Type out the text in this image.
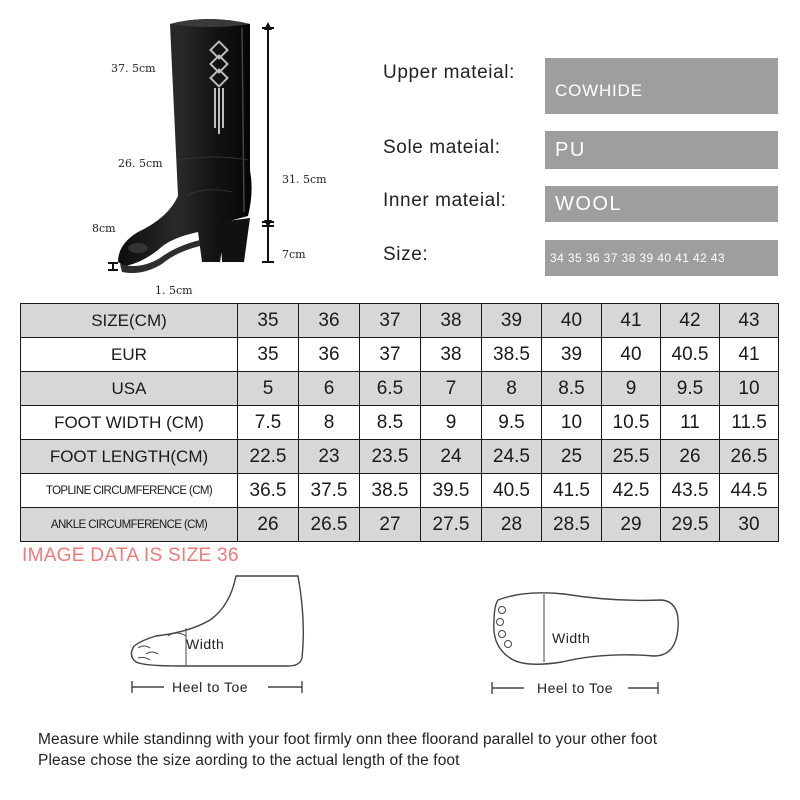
37. 5cm
26. 5cm
31. 5cm
8cm
7cm
1. 5cm
Upper mateial:
COWHIDE
Sole mateial:	PU
Inner mateial: WOOL
Size:	34 35 36 37 38 39 40 41 42 43
SIZE(CM)	35	36	37	38	39	40	41	42	43
EUR	35	36	37	38	38.5	39	40	40.5	41
USA	5	6	6.5	7	8	8.5	9	9.5	10
FOOT WIDTH (CM)	7.5	8	8.5	9	9.5	10	10.5	11	11.5
FOOT LENGTH(CM)	22.5	23	23.5	24	24.5	25	25.5	26	26.5
TOPLINE CIRCUMFERENCE (CM)	36.5	37.5	38.5	39.5	40.5	41.5	42.5	43.5	44.5
ANKLE CIRCUMFERENCE (CM)	26	26.5	27	27.5	28	28.5	29	29.5	30
IMAGE DATA IS SIZE 36
Width
Heel to Toe
Width
Heel to Toe

Measure while standinng with your foot firmly onn thee floorand parallel to your other foot

Please chose the size aording to the actual length of the foot
